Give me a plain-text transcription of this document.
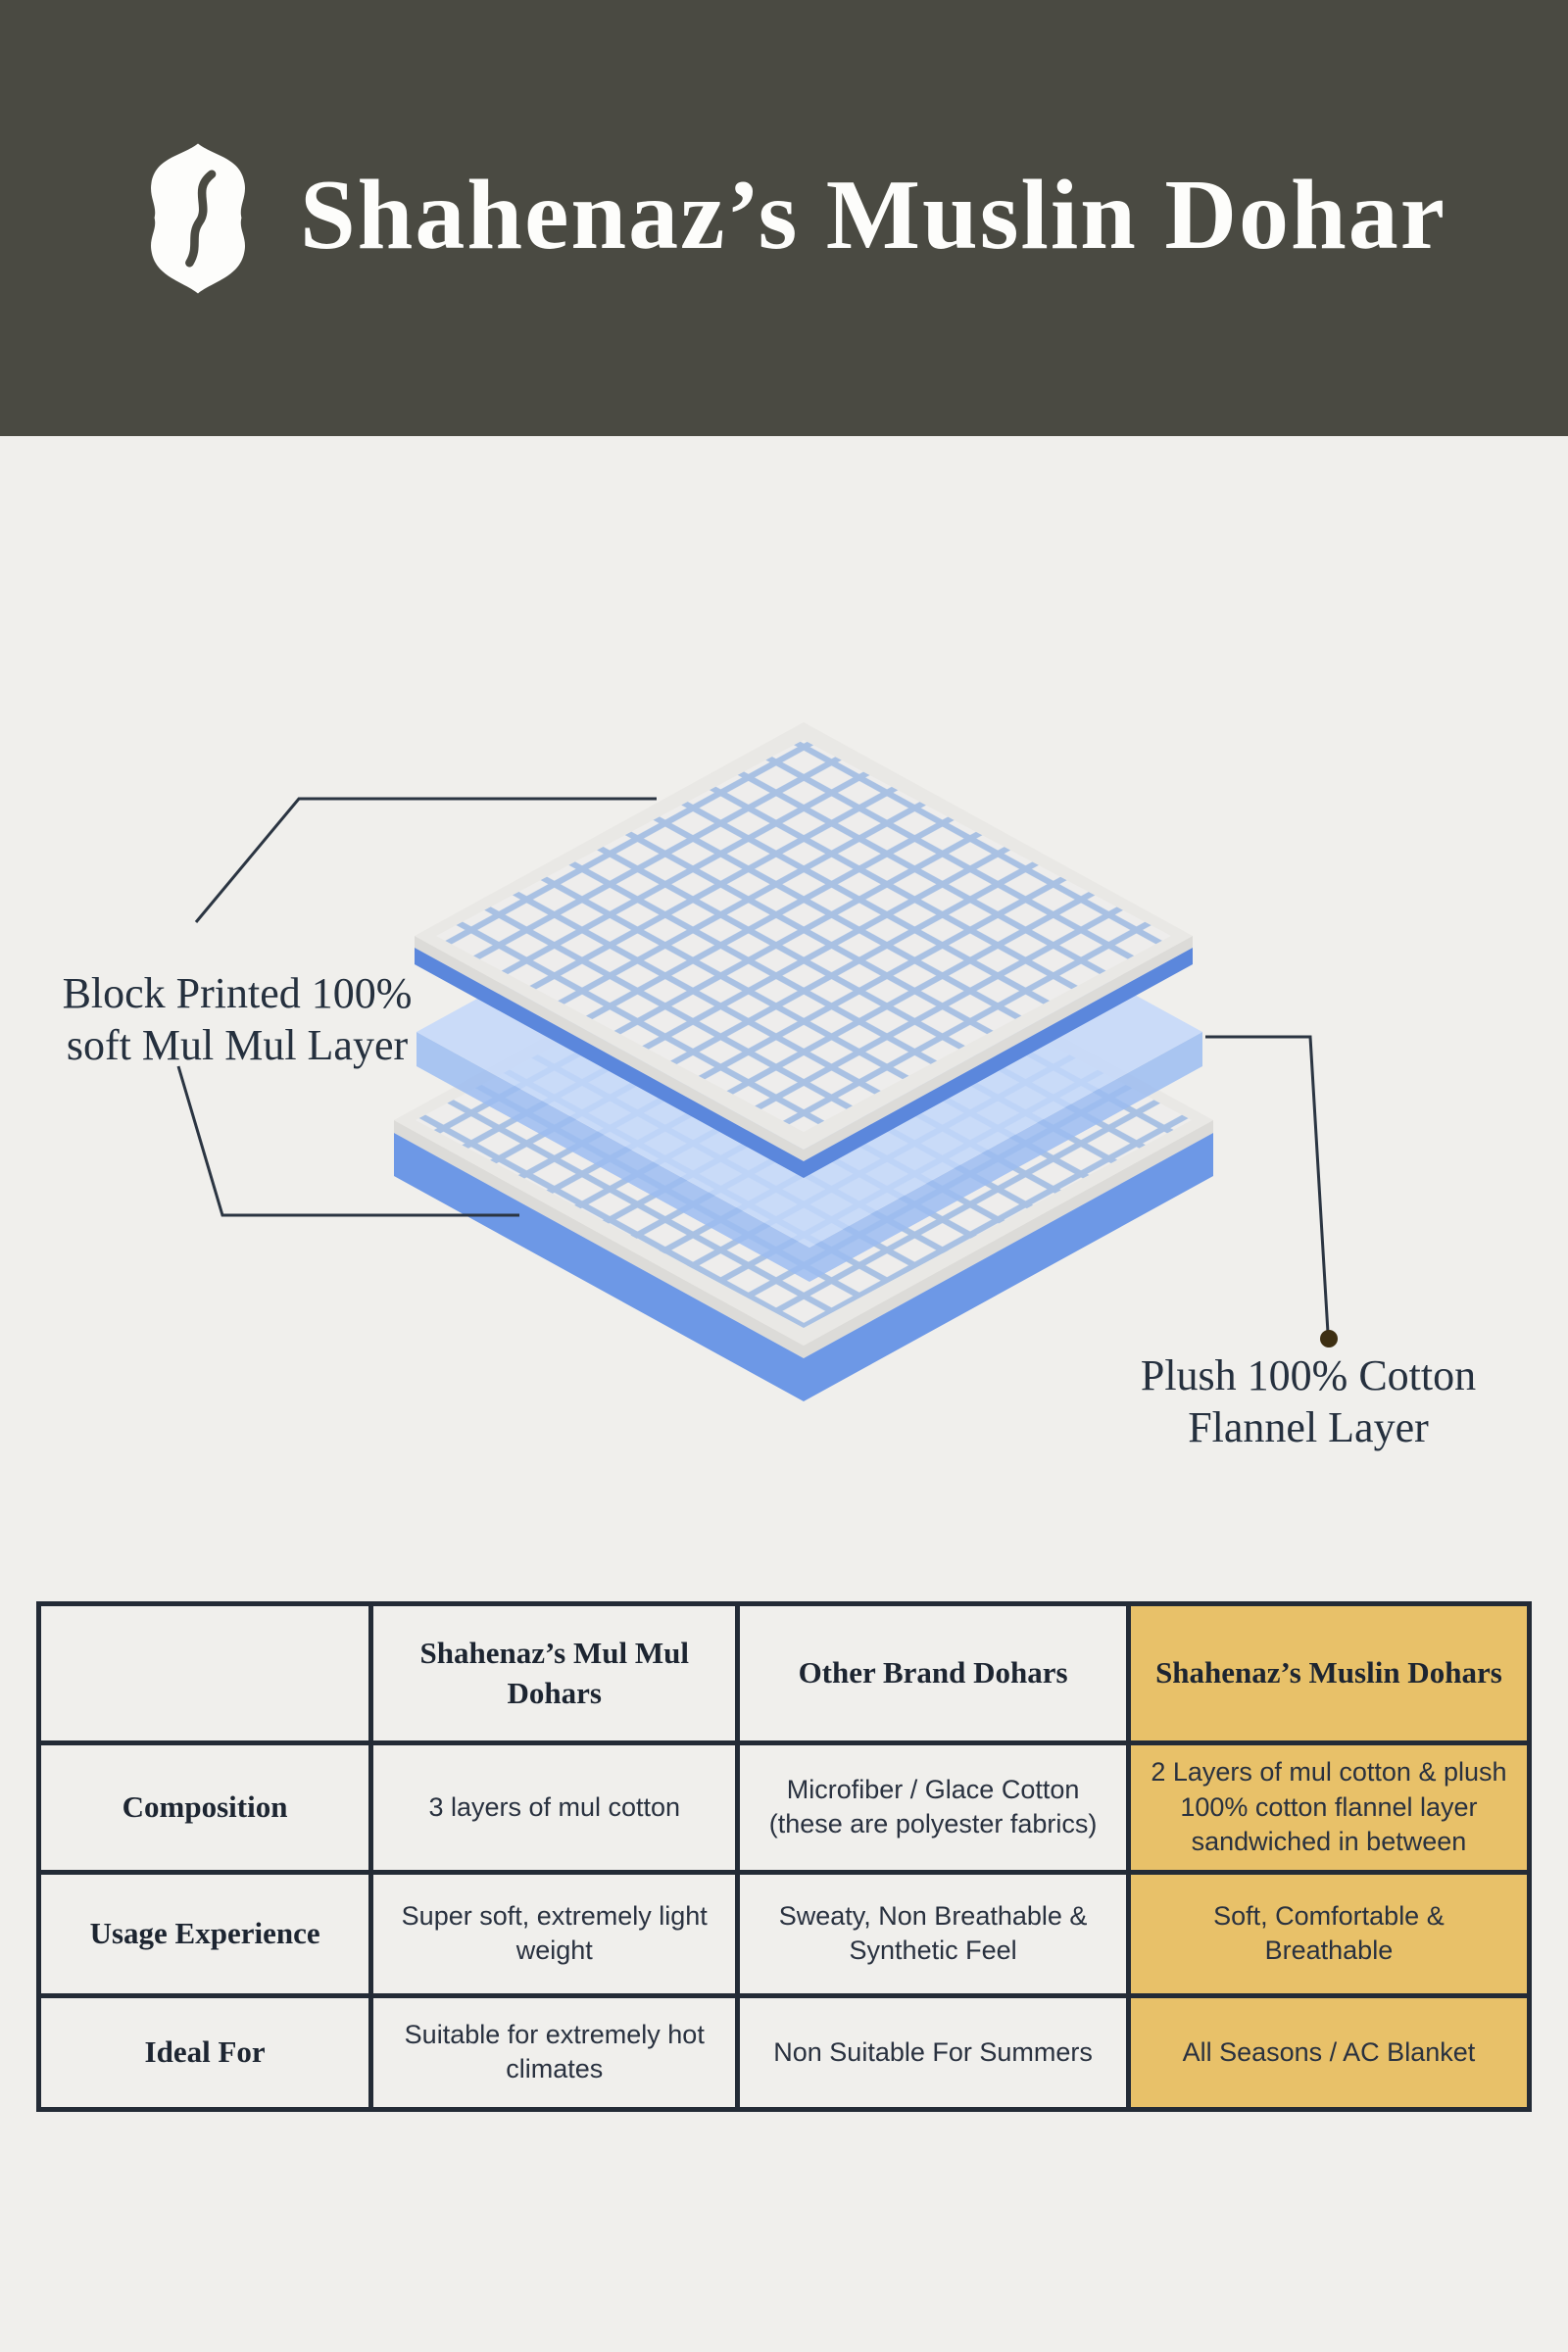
Shahenaz’s Muslin Dohar
Block Printed 100%
soft Mul Mul Layer
Plush 100% Cotton
Flannel Layer
	Shahenaz’s Mul Mul Dohars	Other Brand Dohars	Shahenaz’s Muslin Dohars
Composition	3 layers of mul cotton	Microfiber / Glace Cotton (these are polyester fabrics)	2 Layers of mul cotton & plush 100% cotton flannel layer sandwiched in between
Usage Experience	Super soft, extremely light weight	Sweaty, Non Breathable & Synthetic Feel	Soft, Comfortable & Breathable
Ideal For	Suitable for extremely hot climates	Non Suitable For Summers	All Seasons / AC Blanket
